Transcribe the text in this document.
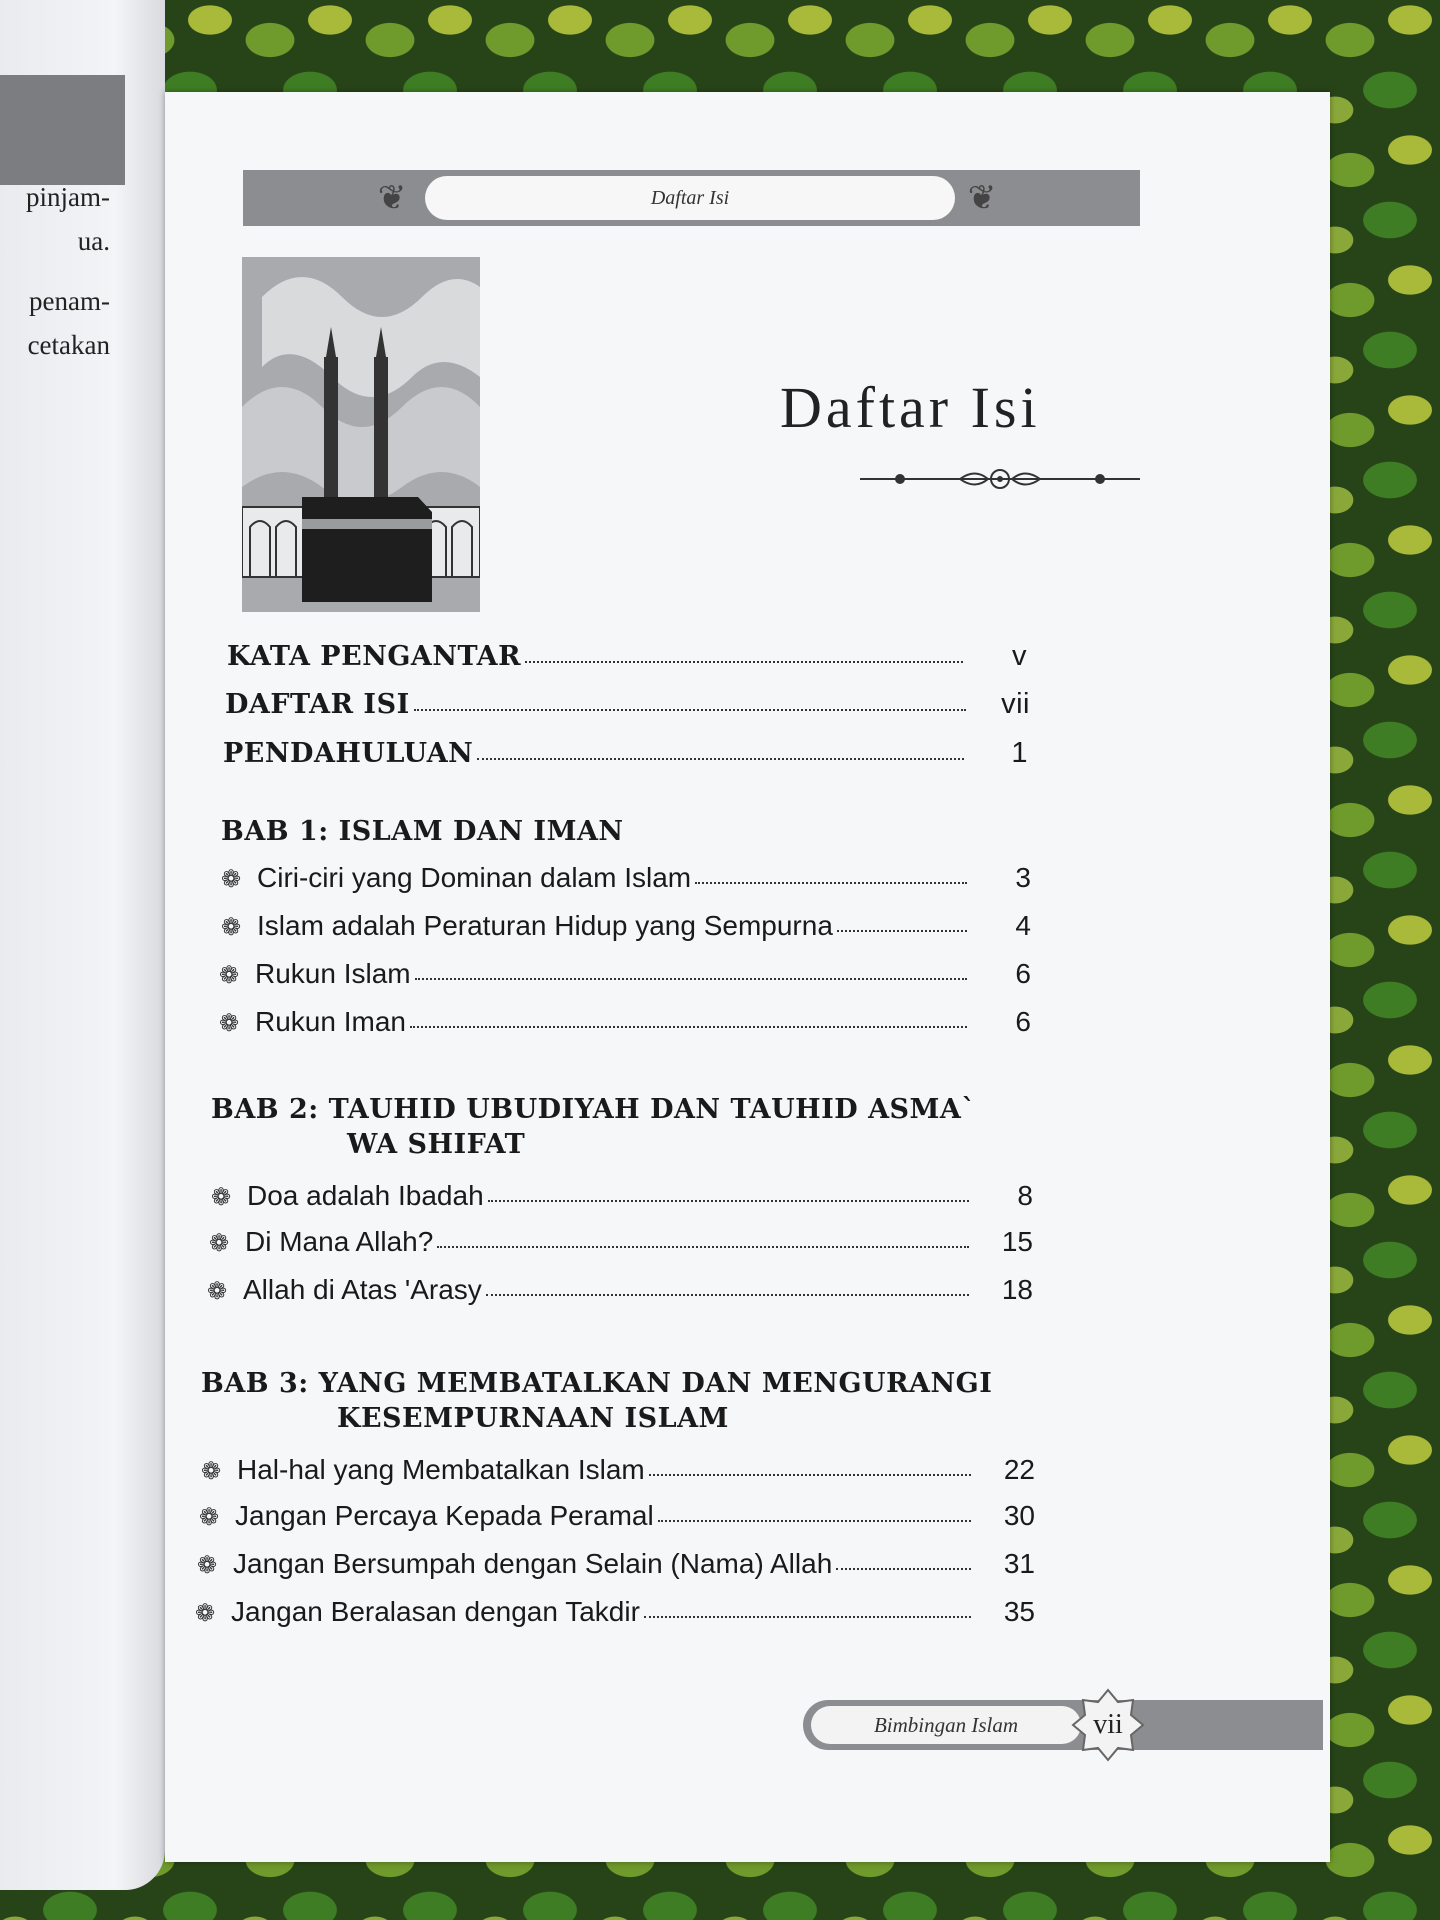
pinjam-

ua.

penam-

cetakan

❦	Daftar Isi	❦
Daftar Isi
KATA PENGANTAR	v
DAFTAR ISI	vii
PENDAHULUAN	1
BAB 1: ISLAM DAN IMAN
❁ Ciri-ciri yang Dominan dalam Islam	3
❁ Islam adalah Peraturan Hidup yang Sempurna	4
❁ Rukun Islam	6
❁ Rukun Iman	6
BAB 2: TAUHID UBUDIYAH DAN TAUHID ASMA`
WA SHIFAT
❁ Doa adalah Ibadah	8
❁ Di Mana Allah?	15
❁ Allah di Atas 'Arasy	18
BAB 3: YANG MEMBATALKAN DAN MENGURANGI
KESEMPURNAAN ISLAM
❁ Hal-hal yang Membatalkan Islam	22
❁ Jangan Percaya Kepada Peramal	30
❁ Jangan Bersumpah dengan Selain (Nama) Allah	31
❁ Jangan Beralasan dengan Takdir	35
Bimbingan Islam	vii
